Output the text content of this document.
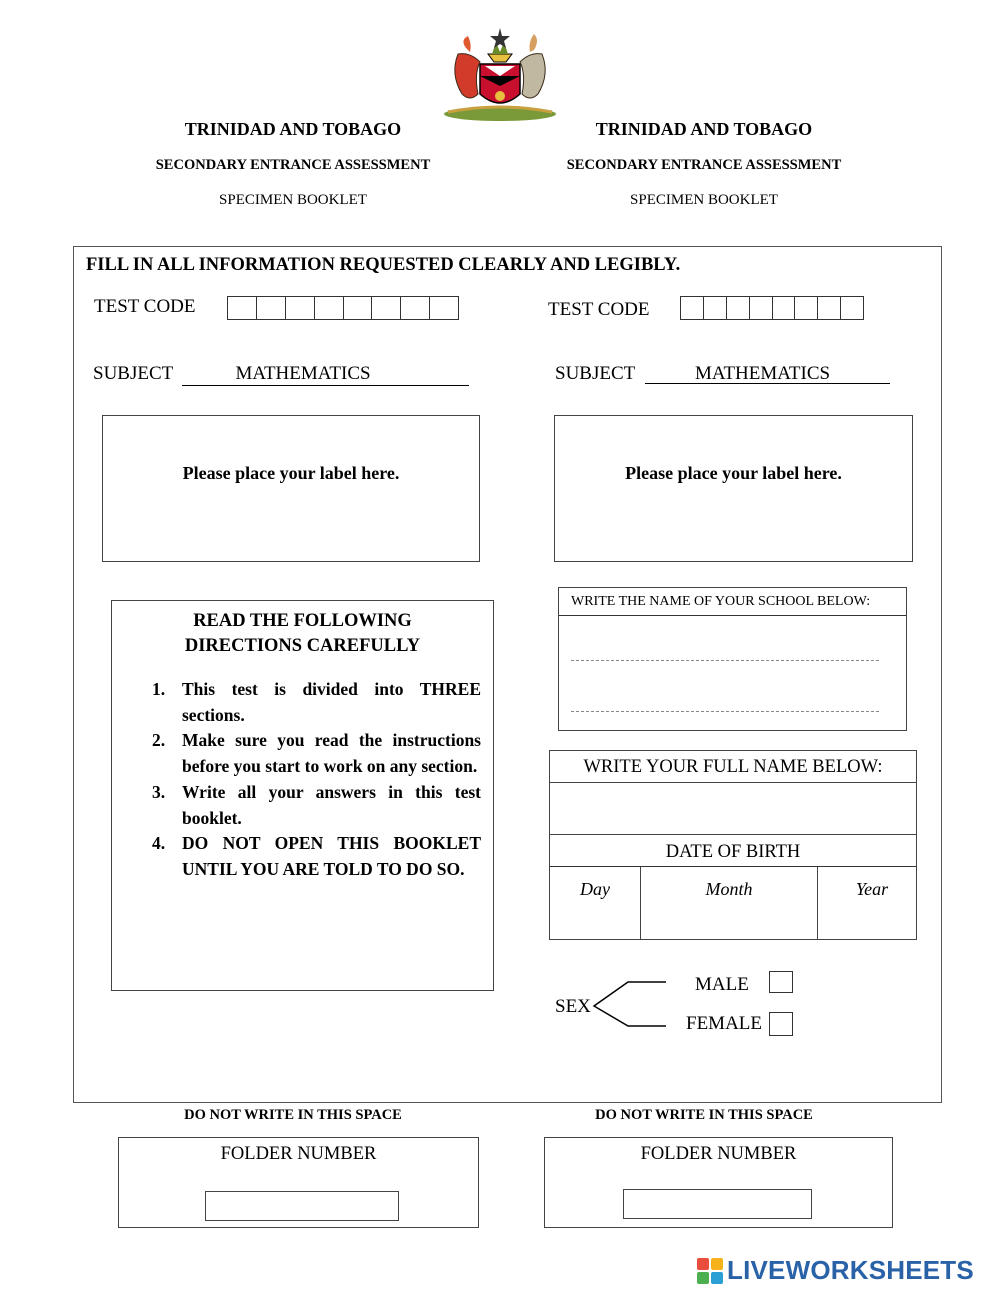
TRINIDAD AND TOBAGO
SECONDARY ENTRANCE ASSESSMENT
SPECIMEN BOOKLET
TRINIDAD AND TOBAGO
SECONDARY ENTRANCE ASSESSMENT
SPECIMEN BOOKLET
FILL IN ALL INFORMATION REQUESTED CLEARLY AND LEGIBLY.
TEST CODE	TEST CODE
SUBJECT	MATHEMATICS	SUBJECT	MATHEMATICS
Please place your label here.	Please place your label here.
READ THE FOLLOWING
DIRECTIONS CAREFULLY
1. This test is divided into THREE sections.
2. Make sure you read the instructions before you start to work on any section.
3. Write all your answers in this test booklet.
4. DO NOT OPEN THIS BOOKLET UNTIL YOU ARE TOLD TO DO SO.
WRITE THE NAME OF YOUR SCHOOL BELOW:
WRITE YOUR FULL NAME BELOW:
DATE OF BIRTH
Day	Month	Year
SEX
MALE
FEMALE
DO NOT WRITE IN THIS SPACE	DO NOT WRITE IN THIS SPACE
FOLDER NUMBER	FOLDER NUMBER
LIVEWORKSHEETS
